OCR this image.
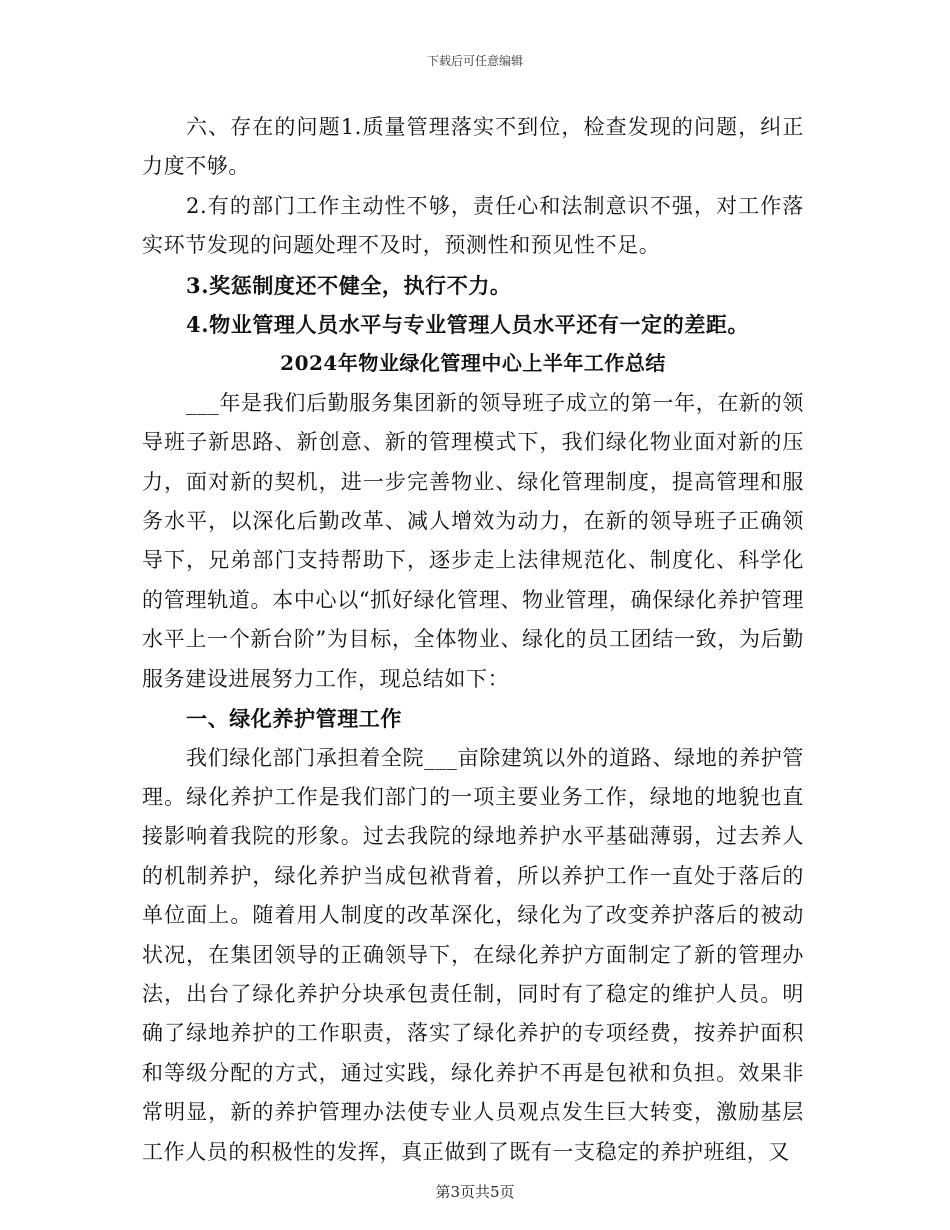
下载后可任意编辑

六、存在的问题1.质量管理落实不到位，检查发现的问题，纠正力度不够。

2.有的部门工作主动性不够，责任心和法制意识不强，对工作落实环节发现的问题处理不及时，预测性和预见性不足。

3.奖惩制度还不健全，执行不力。

4.物业管理人员水平与专业管理人员水平还有一定的差距。

2024年物业绿化管理中心上半年工作总结

___年是我们后勤服务集团新的领导班子成立的第一年，在新的领导班子新思路、新创意、新的管理模式下，我们绿化物业面对新的压力，面对新的契机，进一步完善物业、绿化管理制度，提高管理和服务水平，以深化后勤改革、减人增效为动力，在新的领导班子正确领导下，兄弟部门支持帮助下，逐步走上法律规范化、制度化、科学化的管理轨道。本中心以“抓好绿化管理、物业管理，确保绿化养护管理水平上一个新台阶”为目标，全体物业、绿化的员工团结一致，为后勤服务建设进展努力工作，现总结如下：

一、绿化养护管理工作

我们绿化部门承担着全院___亩除建筑以外的道路、绿地的养护管理。绿化养护工作是我们部门的一项主要业务工作，绿地的地貌也直接影响着我院的形象。过去我院的绿地养护水平基础薄弱，过去养人的机制养护，绿化养护当成包袱背着，所以养护工作一直处于落后的单位面上。随着用人制度的改革深化，绿化为了改变养护落后的被动状况，在集团领导的正确领导下，在绿化养护方面制定了新的管理办法，出台了绿化养护分块承包责任制，同时有了稳定的维护人员。明确了绿地养护的工作职责，落实了绿化养护的专项经费，按养护面积和等级分配的方式，通过实践，绿化养护不再是包袱和负担。效果非常明显，新的养护管理办法使专业人员观点发生巨大转变，激励基层工作人员的积极性的发挥，真正做到了既有一支稳定的养护班组，又

第3页共5页
